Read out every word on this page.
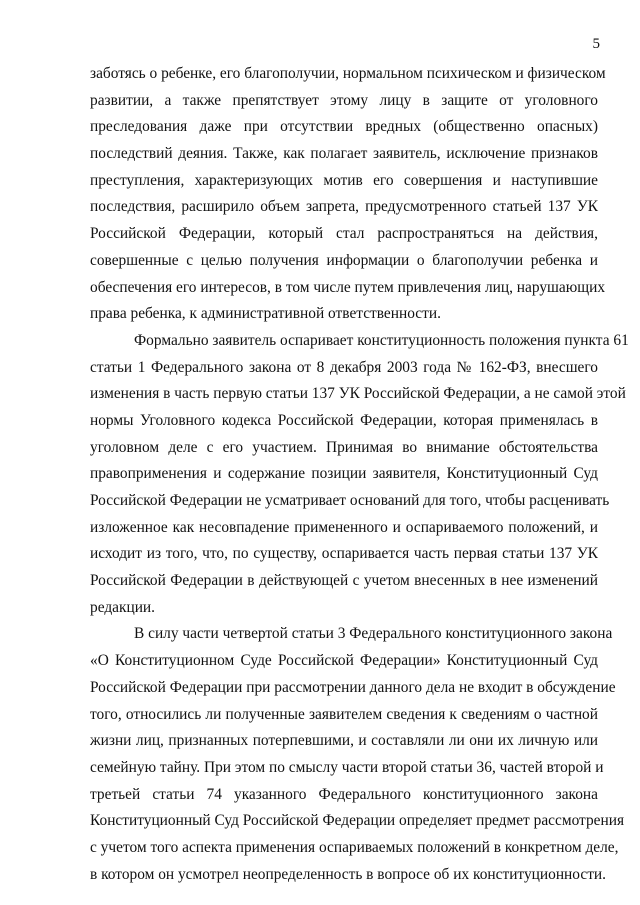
5
заботясь о ребенке, его благополучии, нормальном психическом и физическом
развитии, а также препятствует этому лицу в защите от уголовного
преследования даже при отсутствии вредных (общественно опасных)
последствий деяния. Также, как полагает заявитель, исключение признаков
преступления, характеризующих мотив его совершения и наступившие
последствия, расширило объем запрета, предусмотренного статьей 137 УК
Российской Федерации, который стал распространяться на действия,
совершенные с целью получения информации о благополучии ребенка и
обеспечения его интересов, в том числе путем привлечения лиц, нарушающих
права ребенка, к административной ответственности.
Формально заявитель оспаривает конституционность положения пункта 61
статьи 1 Федерального закона от 8 декабря 2003 года № 162-ФЗ, внесшего
изменения в часть первую статьи 137 УК Российской Федерации, а не самой этой
нормы Уголовного кодекса Российской Федерации, которая применялась в
уголовном деле с его участием. Принимая во внимание обстоятельства
правоприменения и содержание позиции заявителя, Конституционный Суд
Российской Федерации не усматривает оснований для того, чтобы расценивать
изложенное как несовпадение примененного и оспариваемого положений, и
исходит из того, что, по существу, оспаривается часть первая статьи 137 УК
Российской Федерации в действующей с учетом внесенных в нее изменений
редакции.
В силу части четвертой статьи 3 Федерального конституционного закона
«О Конституционном Суде Российской Федерации» Конституционный Суд
Российской Федерации при рассмотрении данного дела не входит в обсуждение
того, относились ли полученные заявителем сведения к сведениям о частной
жизни лиц, признанных потерпевшими, и составляли ли они их личную или
семейную тайну. При этом по смыслу части второй статьи 36, частей второй и
третьей статьи 74 указанного Федерального конституционного закона
Конституционный Суд Российской Федерации определяет предмет рассмотрения
с учетом того аспекта применения оспариваемых положений в конкретном деле,
в котором он усмотрел неопределенность в вопросе об их конституционности.
